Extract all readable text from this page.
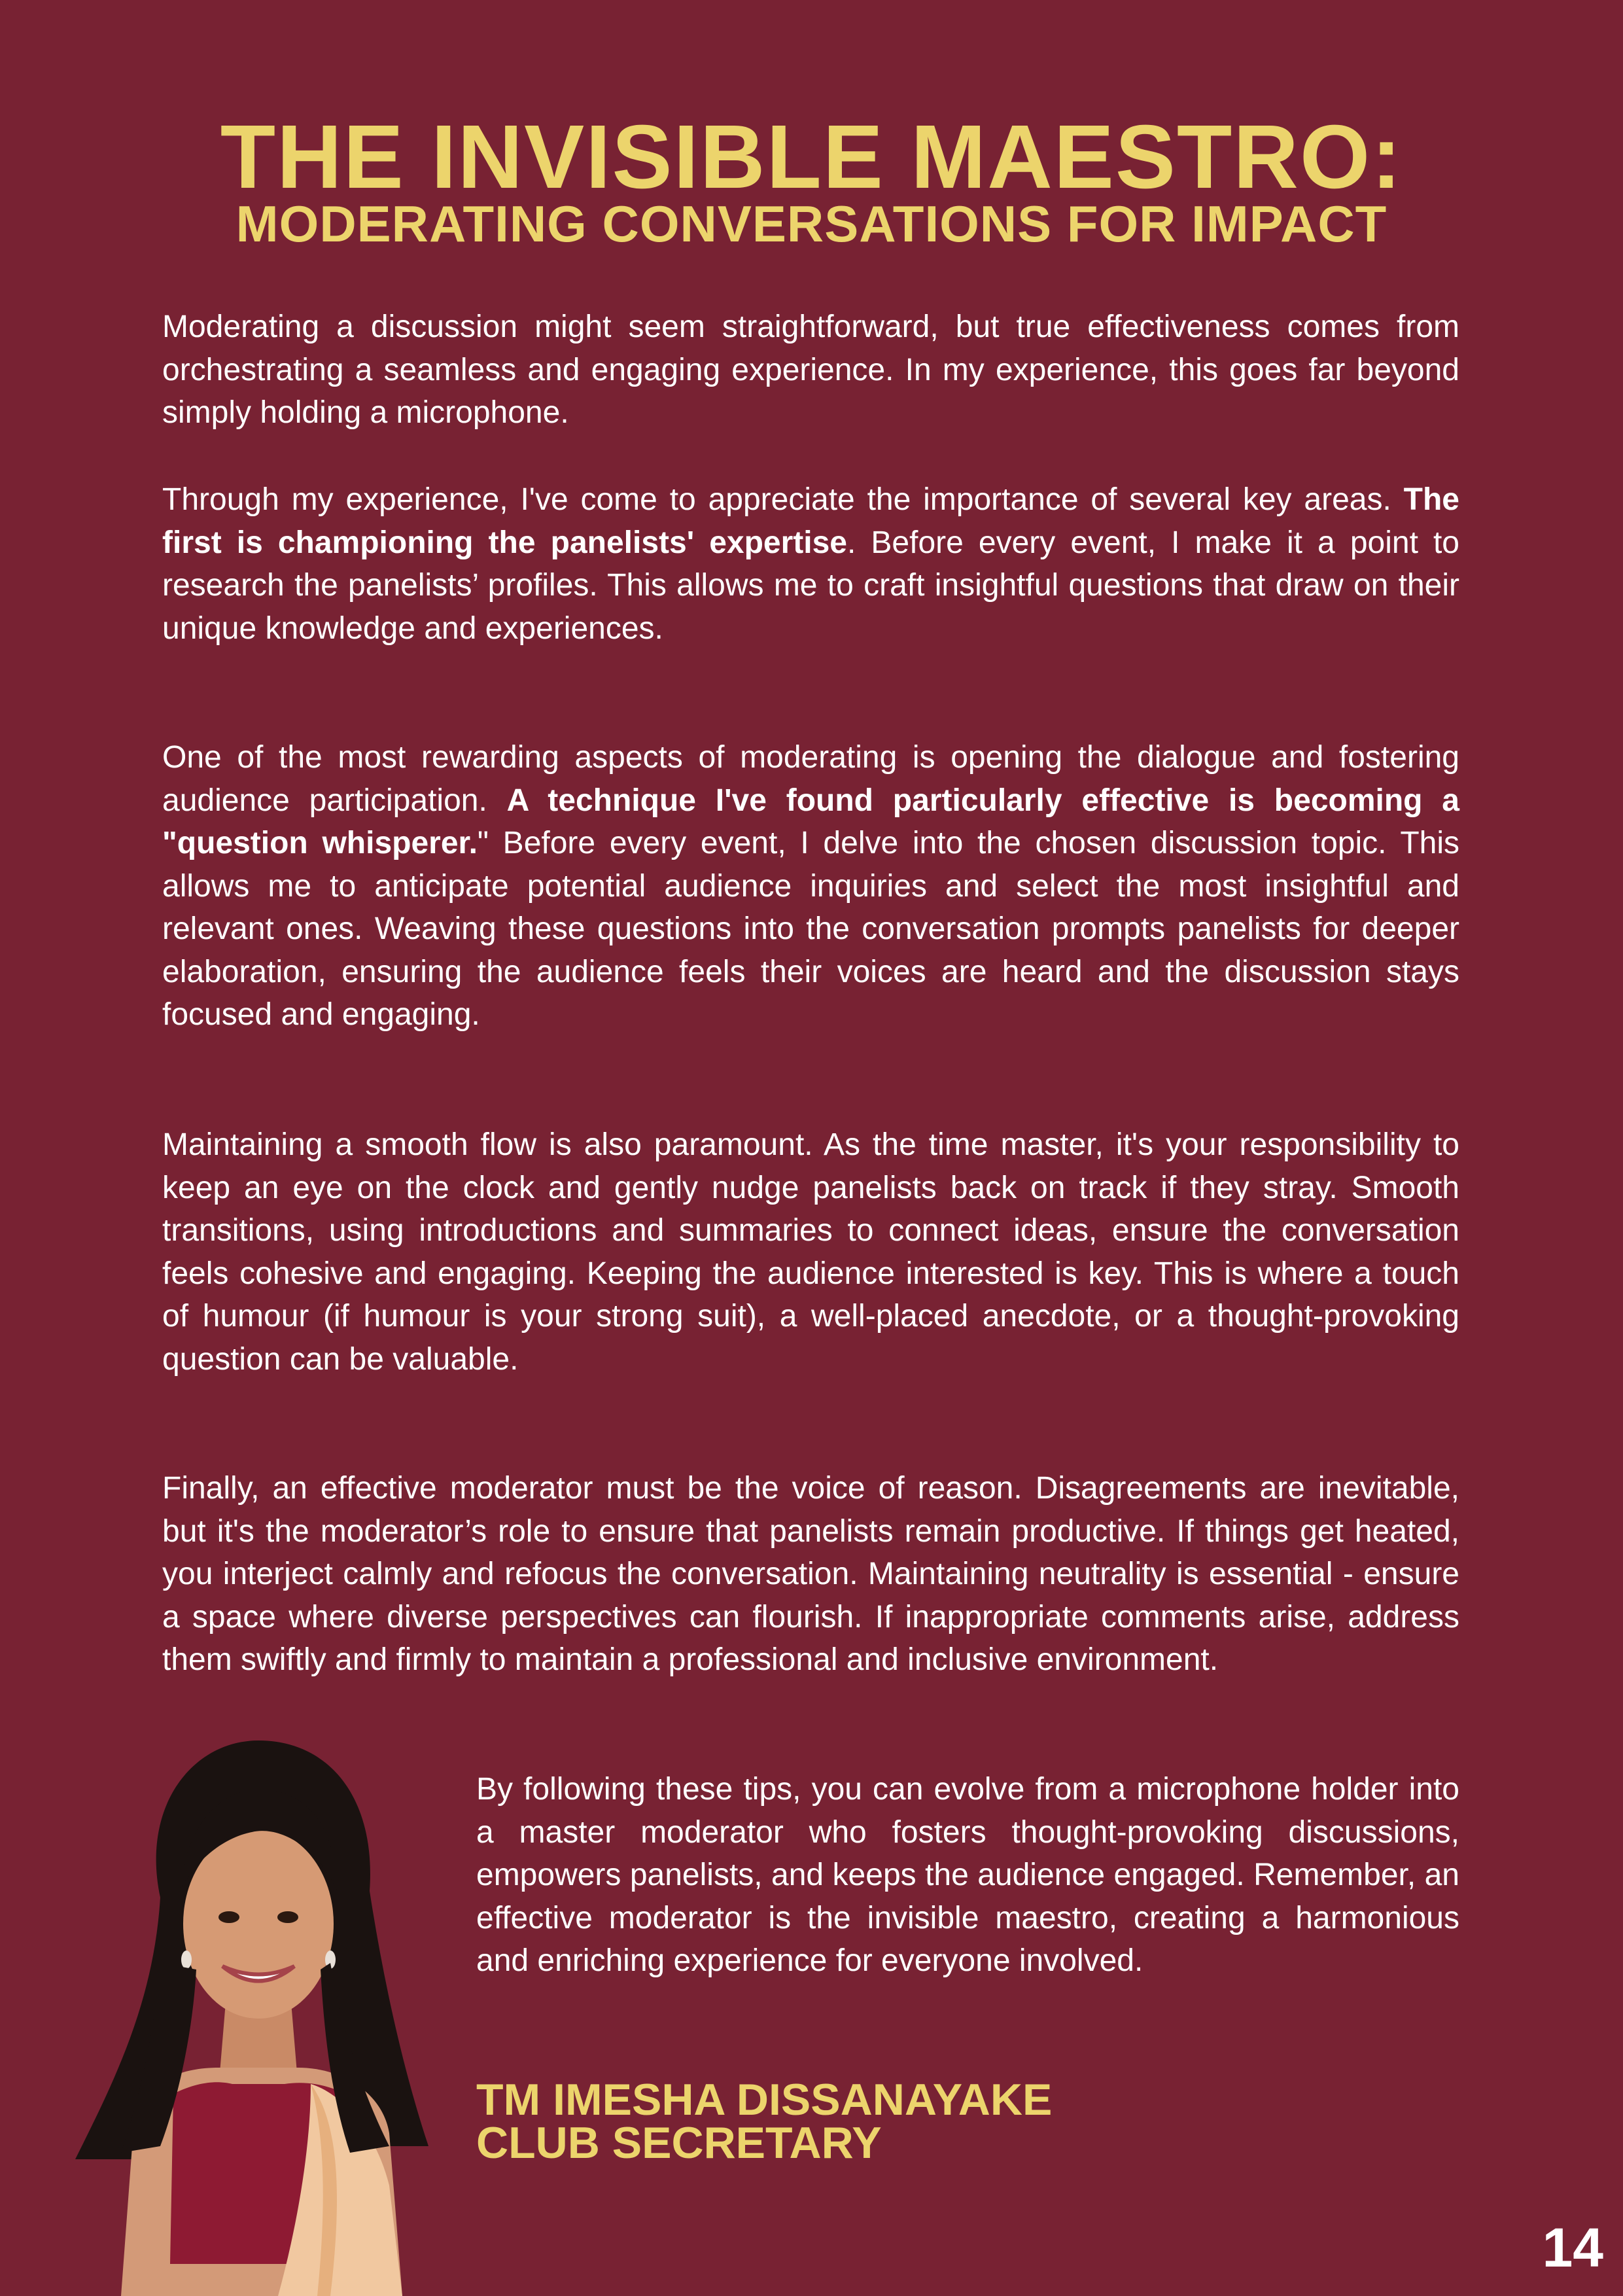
THE INVISIBLE MAESTRO:
MODERATING CONVERSATIONS FOR IMPACT

Moderating a discussion might seem straightforward, but true effectiveness comes from orchestrating a seamless and engaging experience. In my experience, this goes far beyond simply holding a microphone.

Through my experience, I've come to appreciate the importance of several key areas. The first is championing the panelists' expertise. Before every event, I make it a point to research the panelists’ profiles. This allows me to craft insightful questions that draw on their unique knowledge and experiences.

One of the most rewarding aspects of moderating is opening the dialogue and fostering audience participation. A technique I've found particularly effective is becoming a "question whisperer." Before every event, I delve into the chosen discussion topic. This allows me to anticipate potential audience inquiries and select the most insightful and relevant ones. Weaving these questions into the conversation prompts panelists for deeper elaboration, ensuring the audience feels their voices are heard and the discussion stays focused and engaging.

Maintaining a smooth flow is also paramount. As the time master, it's your responsibility to keep an eye on the clock and gently nudge panelists back on track if they stray. Smooth transitions, using introductions and summaries to connect ideas, ensure the conversation feels cohesive and engaging. Keeping the audience interested is key. This is where a touch of humour (if humour is your strong suit), a well-placed anecdote, or a thought-provoking question can be valuable.

Finally, an effective moderator must be the voice of reason. Disagreements are inevitable, but it's the moderator’s role to ensure that panelists remain productive. If things get heated, you interject calmly and refocus the conversation. Maintaining neutrality is essential - ensure a space where diverse perspectives can flourish. If inappropriate comments arise, address them swiftly and firmly to maintain a professional and inclusive environment.

By following these tips, you can evolve from a microphone holder into a master moderator who fosters thought-provoking discussions, empowers panelists, and keeps the audience engaged. Remember, an effective moderator is the invisible maestro, creating a harmonious and enriching experience for everyone involved.

TM IMESHA DISSANAYAKE
CLUB SECRETARY
14
